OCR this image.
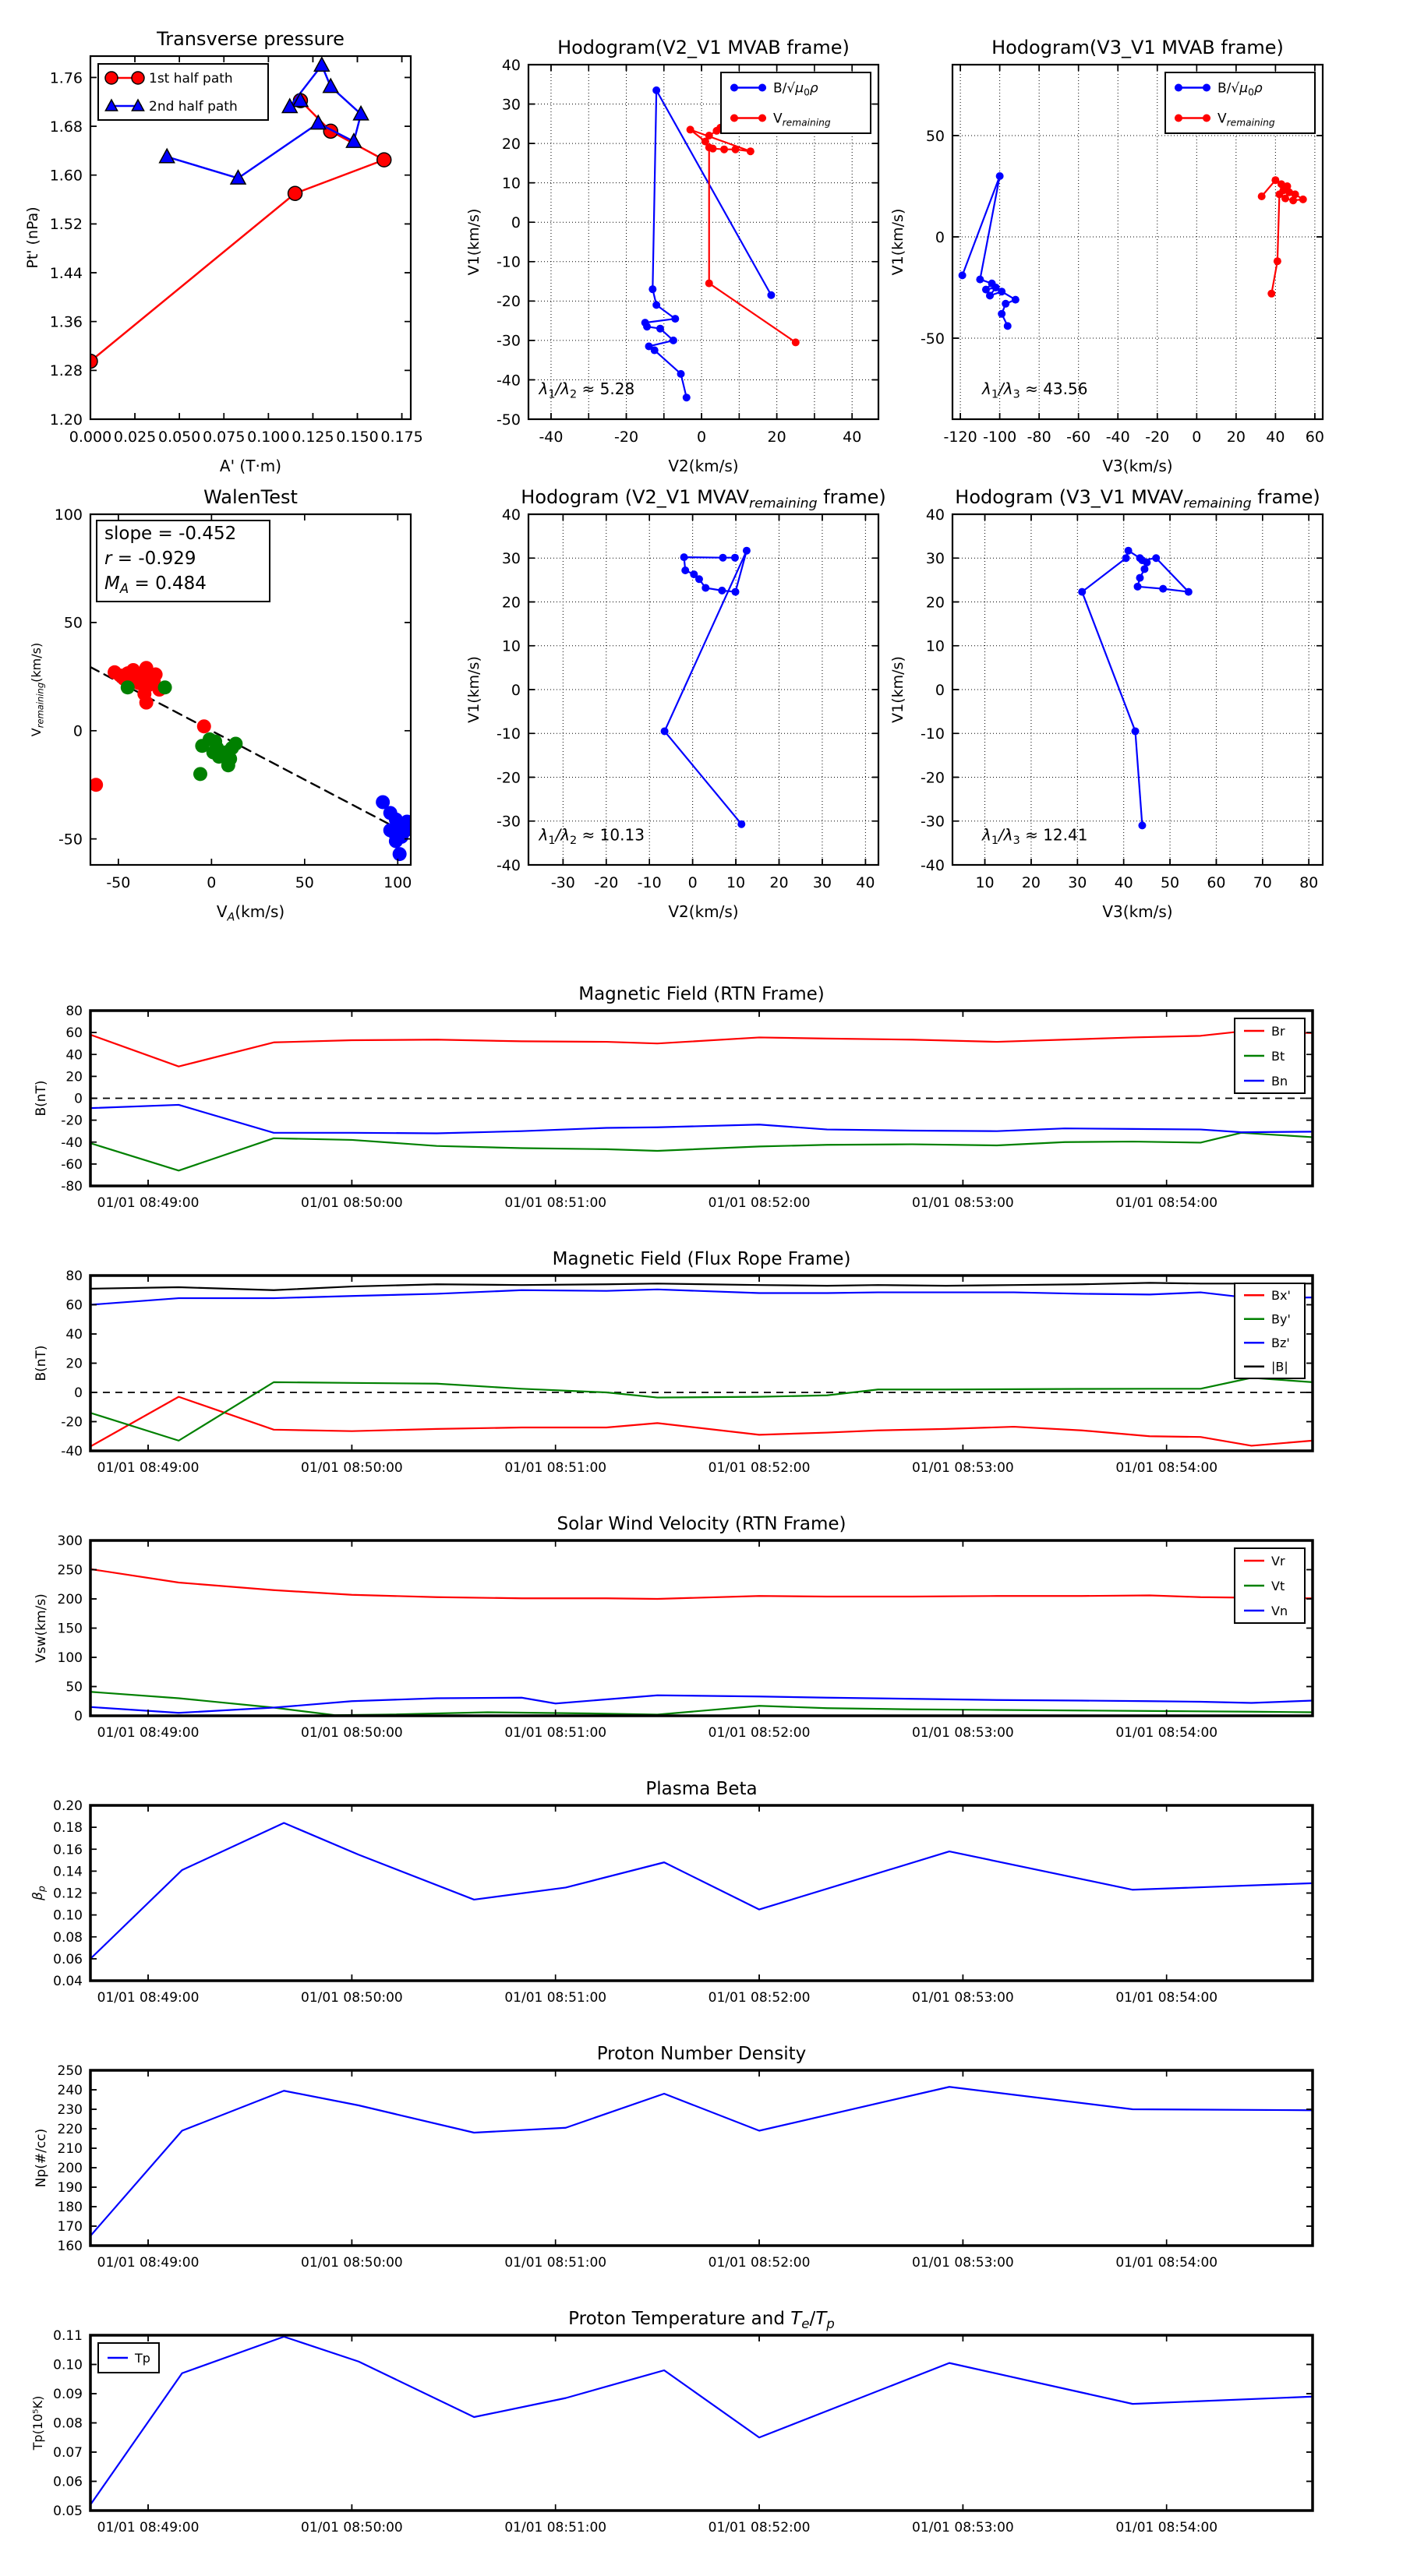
0.000 0.025 0.050 0.075 0.100 0.125 0.150 0.175
1.20
1.28
1.36
1.44
1.52
1.60
1.68
1.76
Transverse pressure
A' (T·m)
Pt' (nPa)
1st half path
2nd half path
-40	-20	0	20	40
-50
-40
-30
-20
-10
0
10
20
30
40
Hodogram(V2_V1 MVAB frame)
V2(km/s)
V1(km/s)
$B/√\mu_0\rho$
$V_{remaining}$
$\lambda_1/\lambda_2 \approx 5.28$
-120 -100 -80 -60 -40 -20 0 20 40 60
-50
0
50
Hodogram(V3_V1 MVAB frame)
V3(km/s)
V1(km/s)
$B/√\mu_0\rho$
$V_{remaining}$
$\lambda_1/\lambda_3 \approx 43.56$
-50	0	50	100
-50
0
50
100
WalenTest
$V_A(km/s)$
$V_{remaining}(km/s)$
slope = -0.452
r = -0.929
$M_A = 0.484$
-30 -20 -10 0 10 20 30 40
-40
-30
-20
-10
0
10
20
30
40
Hodogram (V2_V1 $MVAV_{remaining}$ frame)
V2(km/s)
V1(km/s)
$\lambda_1/\lambda_2 \approx 10.13$
10 20 30 40 50 60 70 80
-40
-30
-20
-10
0
10
20
30
40
Hodogram (V3_V1 $MVAV_{remaining}$ frame)
V3(km/s)
V1(km/s)
$\lambda_1/\lambda_3 \approx 12.41$
01/01 08:49:00	01/01 08:50:00	01/01 08:51:00	01/01 08:52:00	01/01 08:53:00	01/01 08:54:00
-80
-60
-40
-20
0
20
40
60
80
Magnetic Field (RTN Frame)
B(nT)
Br
Bt
Bn
01/01 08:49:00	01/01 08:50:00	01/01 08:51:00	01/01 08:52:00	01/01 08:53:00	01/01 08:54:00
-40
-20
0
20
40
60
80
Magnetic Field (Flux Rope Frame)
B(nT)
Bx'
By'
Bz'
|B|
01/01 08:49:00	01/01 08:50:00	01/01 08:51:00	01/01 08:52:00	01/01 08:53:00	01/01 08:54:00
0
50
100
150
200
250
300
Solar Wind Velocity (RTN Frame)
Vsw(km/s)
Vr
Vt
Vn
01/01 08:49:00	01/01 08:50:00	01/01 08:51:00	01/01 08:52:00	01/01 08:53:00	01/01 08:54:00
0.04
0.06
0.08
0.10
0.12
0.14
0.16
0.18
0.20
Plasma Beta
$\beta_p$
01/01 08:49:00	01/01 08:50:00	01/01 08:51:00	01/01 08:52:00	01/01 08:53:00	01/01 08:54:00
160
170
180
190
200
210
220
230
240
250
Proton Number Density
Np(#/cc)
01/01 08:49:00	01/01 08:50:00	01/01 08:51:00	01/01 08:52:00	01/01 08:53:00	01/01 08:54:00
0.05
0.06
0.07
0.08
0.09
0.10
0.11
Proton Temperature and $T_e/T_p$
Tp(10⁵K)
Tp
